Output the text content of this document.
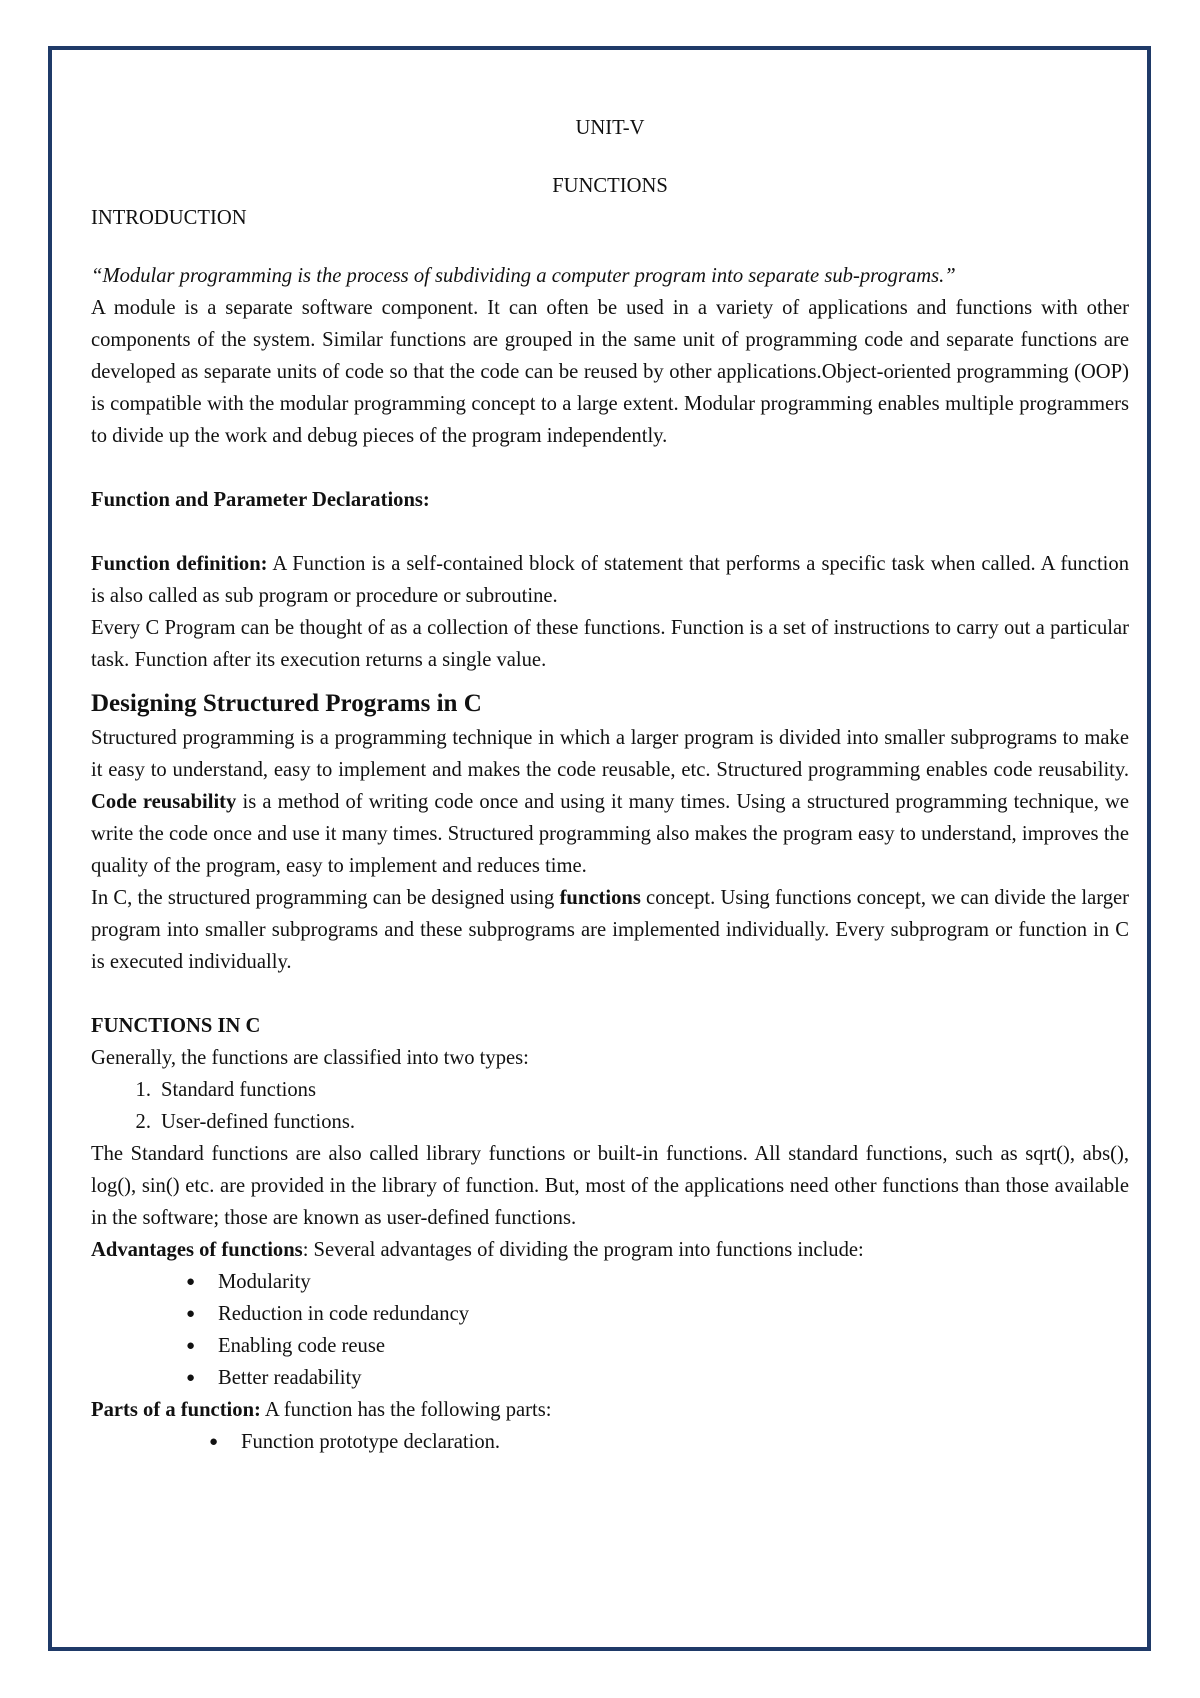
UNIT-V

FUNCTIONS

INTRODUCTION

“Modular programming is the process of subdividing a computer program into separate sub-programs.”

A module is a separate software component. It can often be used in a variety of applications and functions with other components of the system. Similar functions are grouped in the same unit of programming code and separate functions are developed as separate units of code so that the code can be reused by other applications.Object-oriented programming (OOP) is compatible with the modular programming concept to a large extent. Modular programming enables multiple programmers to divide up the work and debug pieces of the program independently.

Function and Parameter Declarations:

Function definition: A Function is a self-contained block of statement that performs a specific task when called. A function is also called as sub program or procedure or subroutine.

Every C Program can be thought of as a collection of these functions. Function is a set of instructions to carry out a particular task. Function after its execution returns a single value.

Designing Structured Programs in C

Structured programming is a programming technique in which a larger program is divided into smaller subprograms to make it easy to understand, easy to implement and makes the code reusable, etc. Structured programming enables code reusability. Code reusability is a method of writing code once and using it many times. Using a structured programming technique, we write the code once and use it many times. Structured programming also makes the program easy to understand, improves the quality of the program, easy to implement and reduces time.

In C, the structured programming can be designed using functions concept. Using functions concept, we can divide the larger program into smaller subprograms and these subprograms are implemented individually. Every subprogram or function in C is executed individually.

FUNCTIONS IN C

Generally, the functions are classified into two types:

1. Standard functions
2. User-defined functions.

The Standard functions are also called library functions or built-in functions. All standard functions, such as sqrt(), abs(), log(), sin() etc. are provided in the library of function. But, most of the applications need other functions than those available in the software; those are known as user-defined functions.

Advantages of functions: Several advantages of dividing the program into functions include:

●	Modularity
●	Reduction in code redundancy
●	Enabling code reuse
●	Better readability

Parts of a function: A function has the following parts:

●	Function prototype declaration.
